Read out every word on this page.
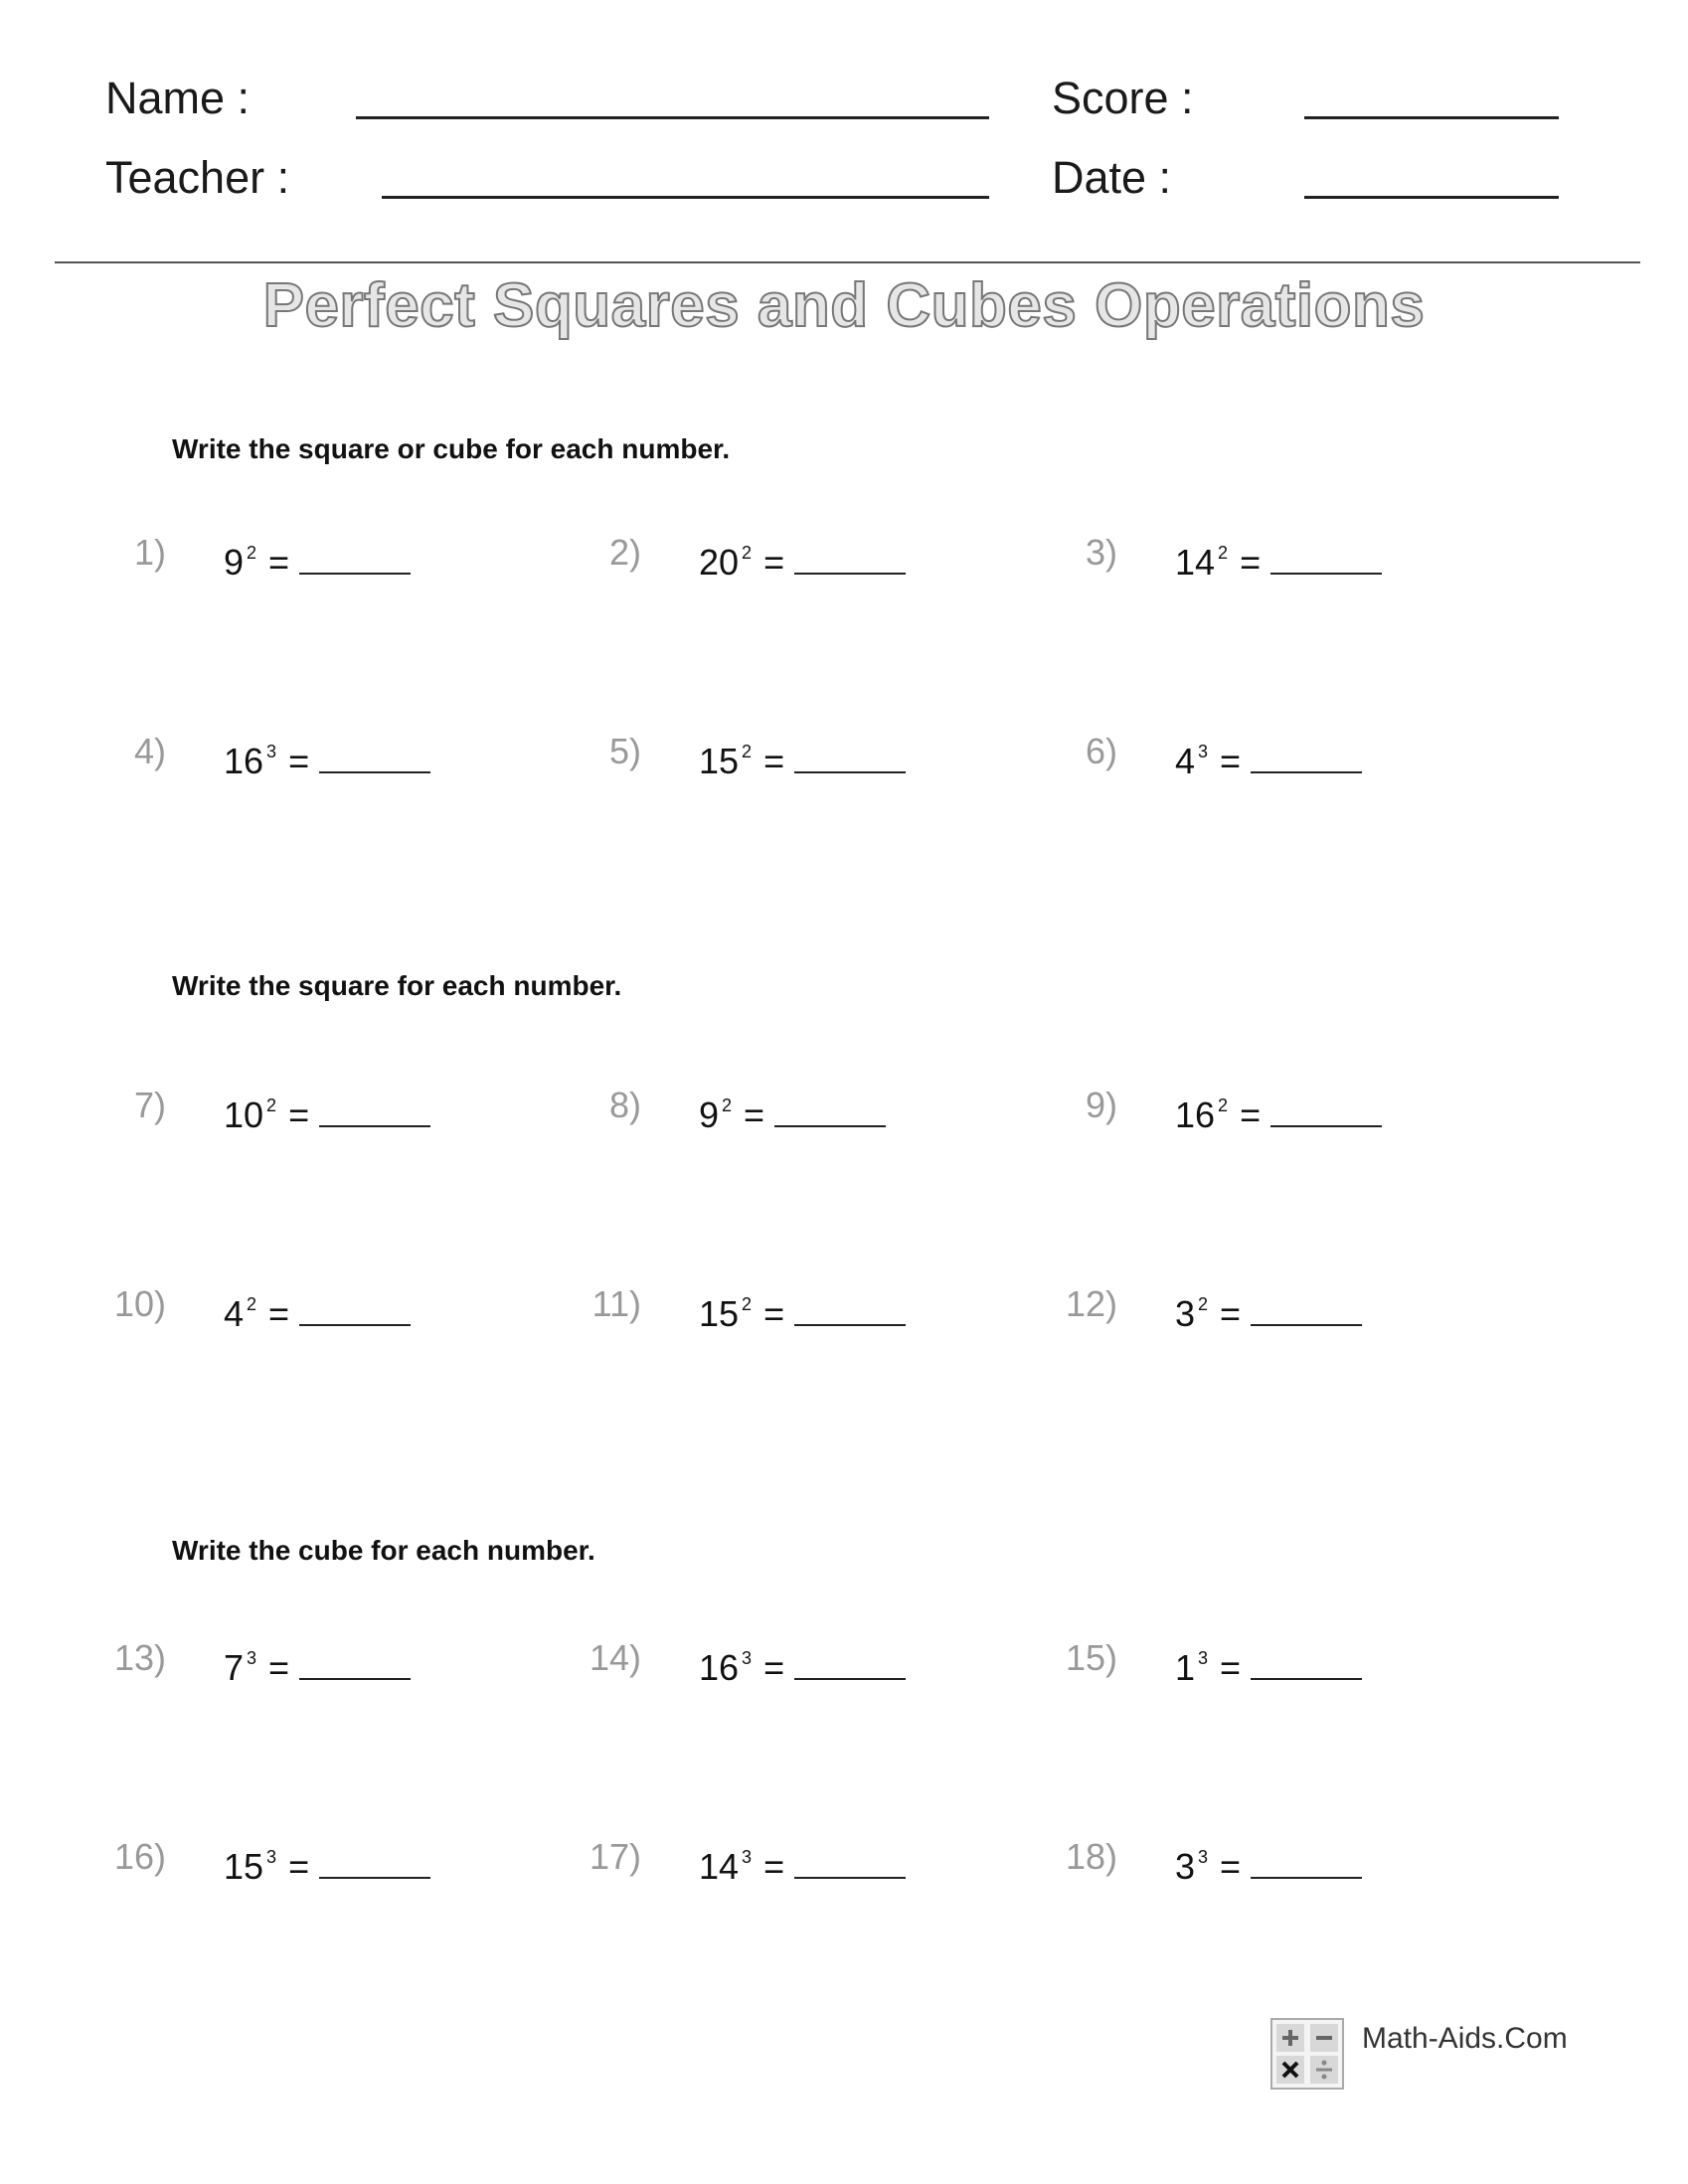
Name :	Score :
Teacher :	Date :
Perfect Squares and Cubes Operations
Write the square or cube for each number.
1) 9 $^2$ =	2) 20 $^2$ =	3) 14 $^2$ =
4) 16 $^3$ =	5) 15 $^2$ =	6) 4 $^3$ =
Write the square for each number.
7) 10 $^2$ =	8) 9 $^2$ =	9) 16 $^2$ =
10) 4 $^2$ =	11) 15 $^2$ =	12) 3 $^2$ =
Write the cube for each number.
13) 7 $^3$ =	14) 16 $^3$ =	15) 1 $^3$ =
16) 15 $^3$ =	17) 14 $^3$ =	18) 3 $^3$ =
Math-Aids.Com
